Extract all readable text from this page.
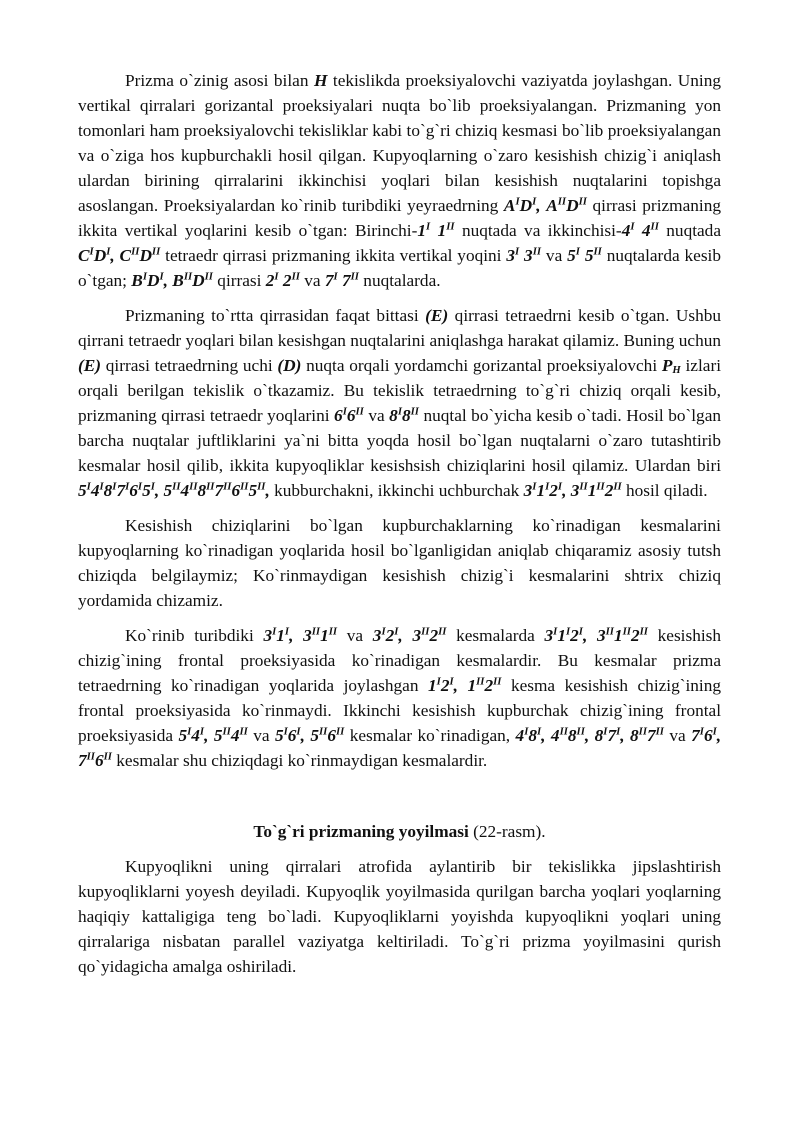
Prizma o`zinig asosi bilan H tekislikda proeksiyalovchi vaziyatda joylashgan. Uning vertikal qirralari gorizantal proeksiyalari nuqta bo`lib proeksiyalangan. Prizmaning yon tomonlari ham proeksiyalovchi tekisliklar kabi to`g`ri chiziq kesmasi bo`lib proeksiyalangan va o`ziga hos kupburchakli hosil qilgan. Kupyoqlarning o`zaro kesishish chizig`i aniqlash ulardan birining qirralarini ikkinchisi yoqlari bilan kesishish nuqtalarini topishga asoslangan. Proeksiyalardan ko`rinib turibdiki yeyraedrning $A^ID^I$, $A^{II}D^{II}$ qirrasi prizmaning ikkita vertikal yoqlarini kesib o`tgan: Birinchi-$1^I$ $1^{II}$ nuqtada va ikkinchisi-$4^I$ $4^{II}$ nuqtada $C^ID^I$, $C^{II}D^{II}$ tetraedr qirrasi prizmaning ikkita vertikal yoqini $3^I$ $3^{II}$ va $5^I$ $5^{II}$ nuqtalarda kesib o`tgan; $B^ID^I$, $B^{II}D^{II}$ qirrasi $2^I$ $2^{II}$ va $7^I$ $7^{II}$ nuqtalarda.

Prizmaning to`rtta qirrasidan faqat bittasi (E) qirrasi tetraedrni kesib o`tgan. Ushbu qirrani tetraedr yoqlari bilan kesishgan nuqtalarini aniqlashga harakat qilamiz. Buning uchun (E) qirrasi tetraedrning uchi (D) nuqta orqali yordamchi gorizantal proeksiyalovchi $P_H$ izlari orqali berilgan tekislik o`tkazamiz. Bu tekislik tetraedrning to`g`ri chiziq orqali kesib, prizmaning qirrasi tetraedr yoqlarini $6^I6^{II}$ va $8^I8^{II}$ nuqtal bo`yicha kesib o`tadi. Hosil bo`lgan barcha nuqtalar juftliklarini ya`ni bitta yoqda hosil bo`lgan nuqtalarni o`zaro tutashtirib kesmalar hosil qilib, ikkita kupyoqliklar kesishsish chiziqlarini hosil qilamiz. Ulardan biri $5^I4^I8^I7^I6^I5^I$, $5^{II}4^{II}8^{II}7^{II}6^{II}5^{II}$, kubburchakni, ikkinchi uchburchak $3^I1^I2^I$, $3^{II}1^{II}2^{II}$ hosil qiladi.

Kesishish chiziqlarini bo`lgan kupburchaklarning ko`rinadigan kesmalarini kupyoqlarning ko`rinadigan yoqlarida hosil bo`lganligidan aniqlab chiqaramiz asosiy tutsh chiziqda belgilaymiz; Ko`rinmaydigan kesishish chizig`i kesmalarini shtrix chiziq yordamida chizamiz.

Ko`rinib turibdiki $3^I1^I$, $3^{II}1^{II}$ va $3^I2^I$, $3^{II}2^{II}$ kesmalarda $3^I1^I2^I$, $3^{II}1^{II}2^{II}$ kesishish chizig`ining frontal proeksiyasida ko`rinadigan kesmalardir. Bu kesmalar prizma tetraedrning ko`rinadigan yoqlarida joylashgan $1^I2^I$, $1^{II}2^{II}$ kesma kesishish chizig`ining frontal proeksiyasida ko`rinmaydi. Ikkinchi kesishish kupburchak chizig`ining frontal proeksiyasida $5^I4^I$, $5^{II}4^{II}$ va $5^I6^I$, $5^{II}6^{II}$ kesmalar ko`rinadigan, $4^I8^I$, $4^{II}8^{II}$, $8^I7^I$, $8^{II}7^{II}$ va $7^I6^I$, $7^{II}6^{II}$ kesmalar shu chiziqdagi ko`rinmaydigan kesmalardir.

To`g`ri prizmaning yoyilmasi (22-rasm).

Kupyoqlikni uning qirralari atrofida aylantirib bir tekislikka jipslashtirish kupyoqliklarni yoyesh deyiladi. Kupyoqlik yoyilmasida qurilgan barcha yoqlari yoqlarning haqiqiy kattaligiga teng bo`ladi. Kupyoqliklarni yoyishda kupyoqlikni yoqlari uning qirralariga nisbatan parallel vaziyatga keltiriladi. To`g`ri prizma yoyilmasini qurish qo`yidagicha amalga oshiriladi.
